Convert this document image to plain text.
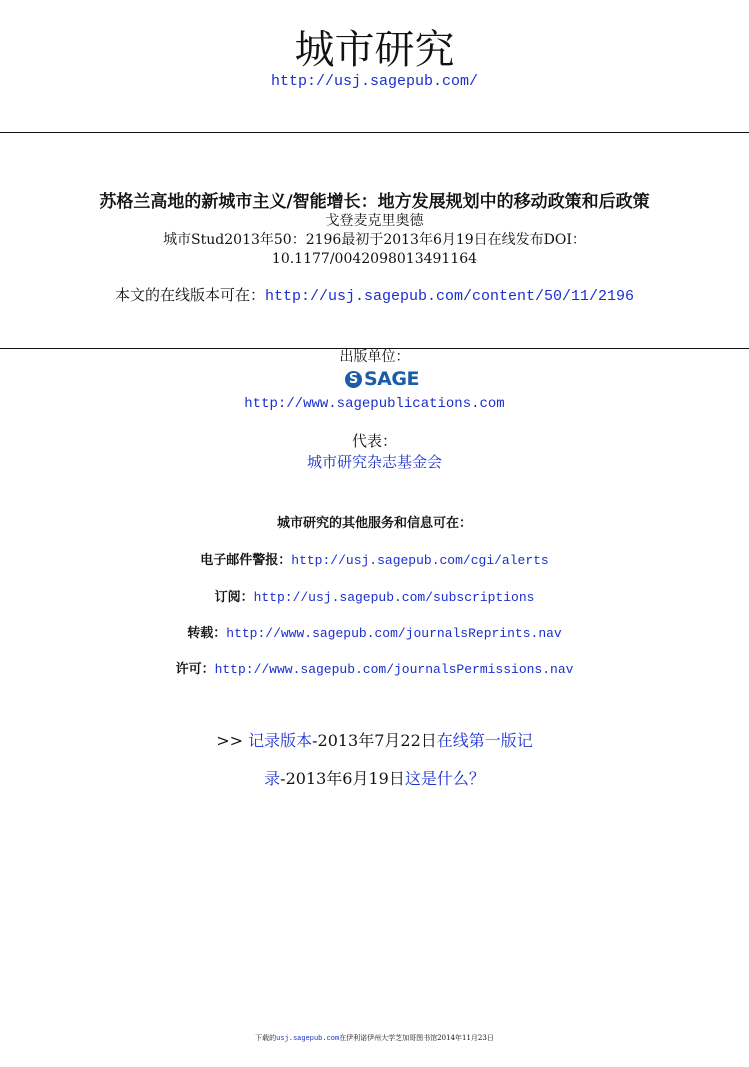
城市研究
http://usj.sagepub.com/
苏格兰高地的新城市主义/智能增长：地方发展规划中的移动政策和后政策
戈登麦克里奥德
城市Stud2013年50：2196最初于2013年6月19日在线发布DOI：
10.1177/0042098013491164
本文的在线版本可在：http://usj.sagepub.com/content/50/11/2196
出版单位：
S SAGE
http://www.sagepublications.com
代表：
城市研究杂志基金会
城市研究的其他服务和信息可在：
电子邮件警报：http://usj.sagepub.com/cgi/alerts
订阅：http://usj.sagepub.com/subscriptions
转载：http://www.sagepub.com/journalsReprints.nav
许可：http://www.sagepub.com/journalsPermissions.nav
>> 记录版本-2013年7月22日在线第一版记
录-2013年6月19日这是什么？
下载的usj.sagepub.com在伊利诺伊州大学芝加哥图书馆2014年11月23日
